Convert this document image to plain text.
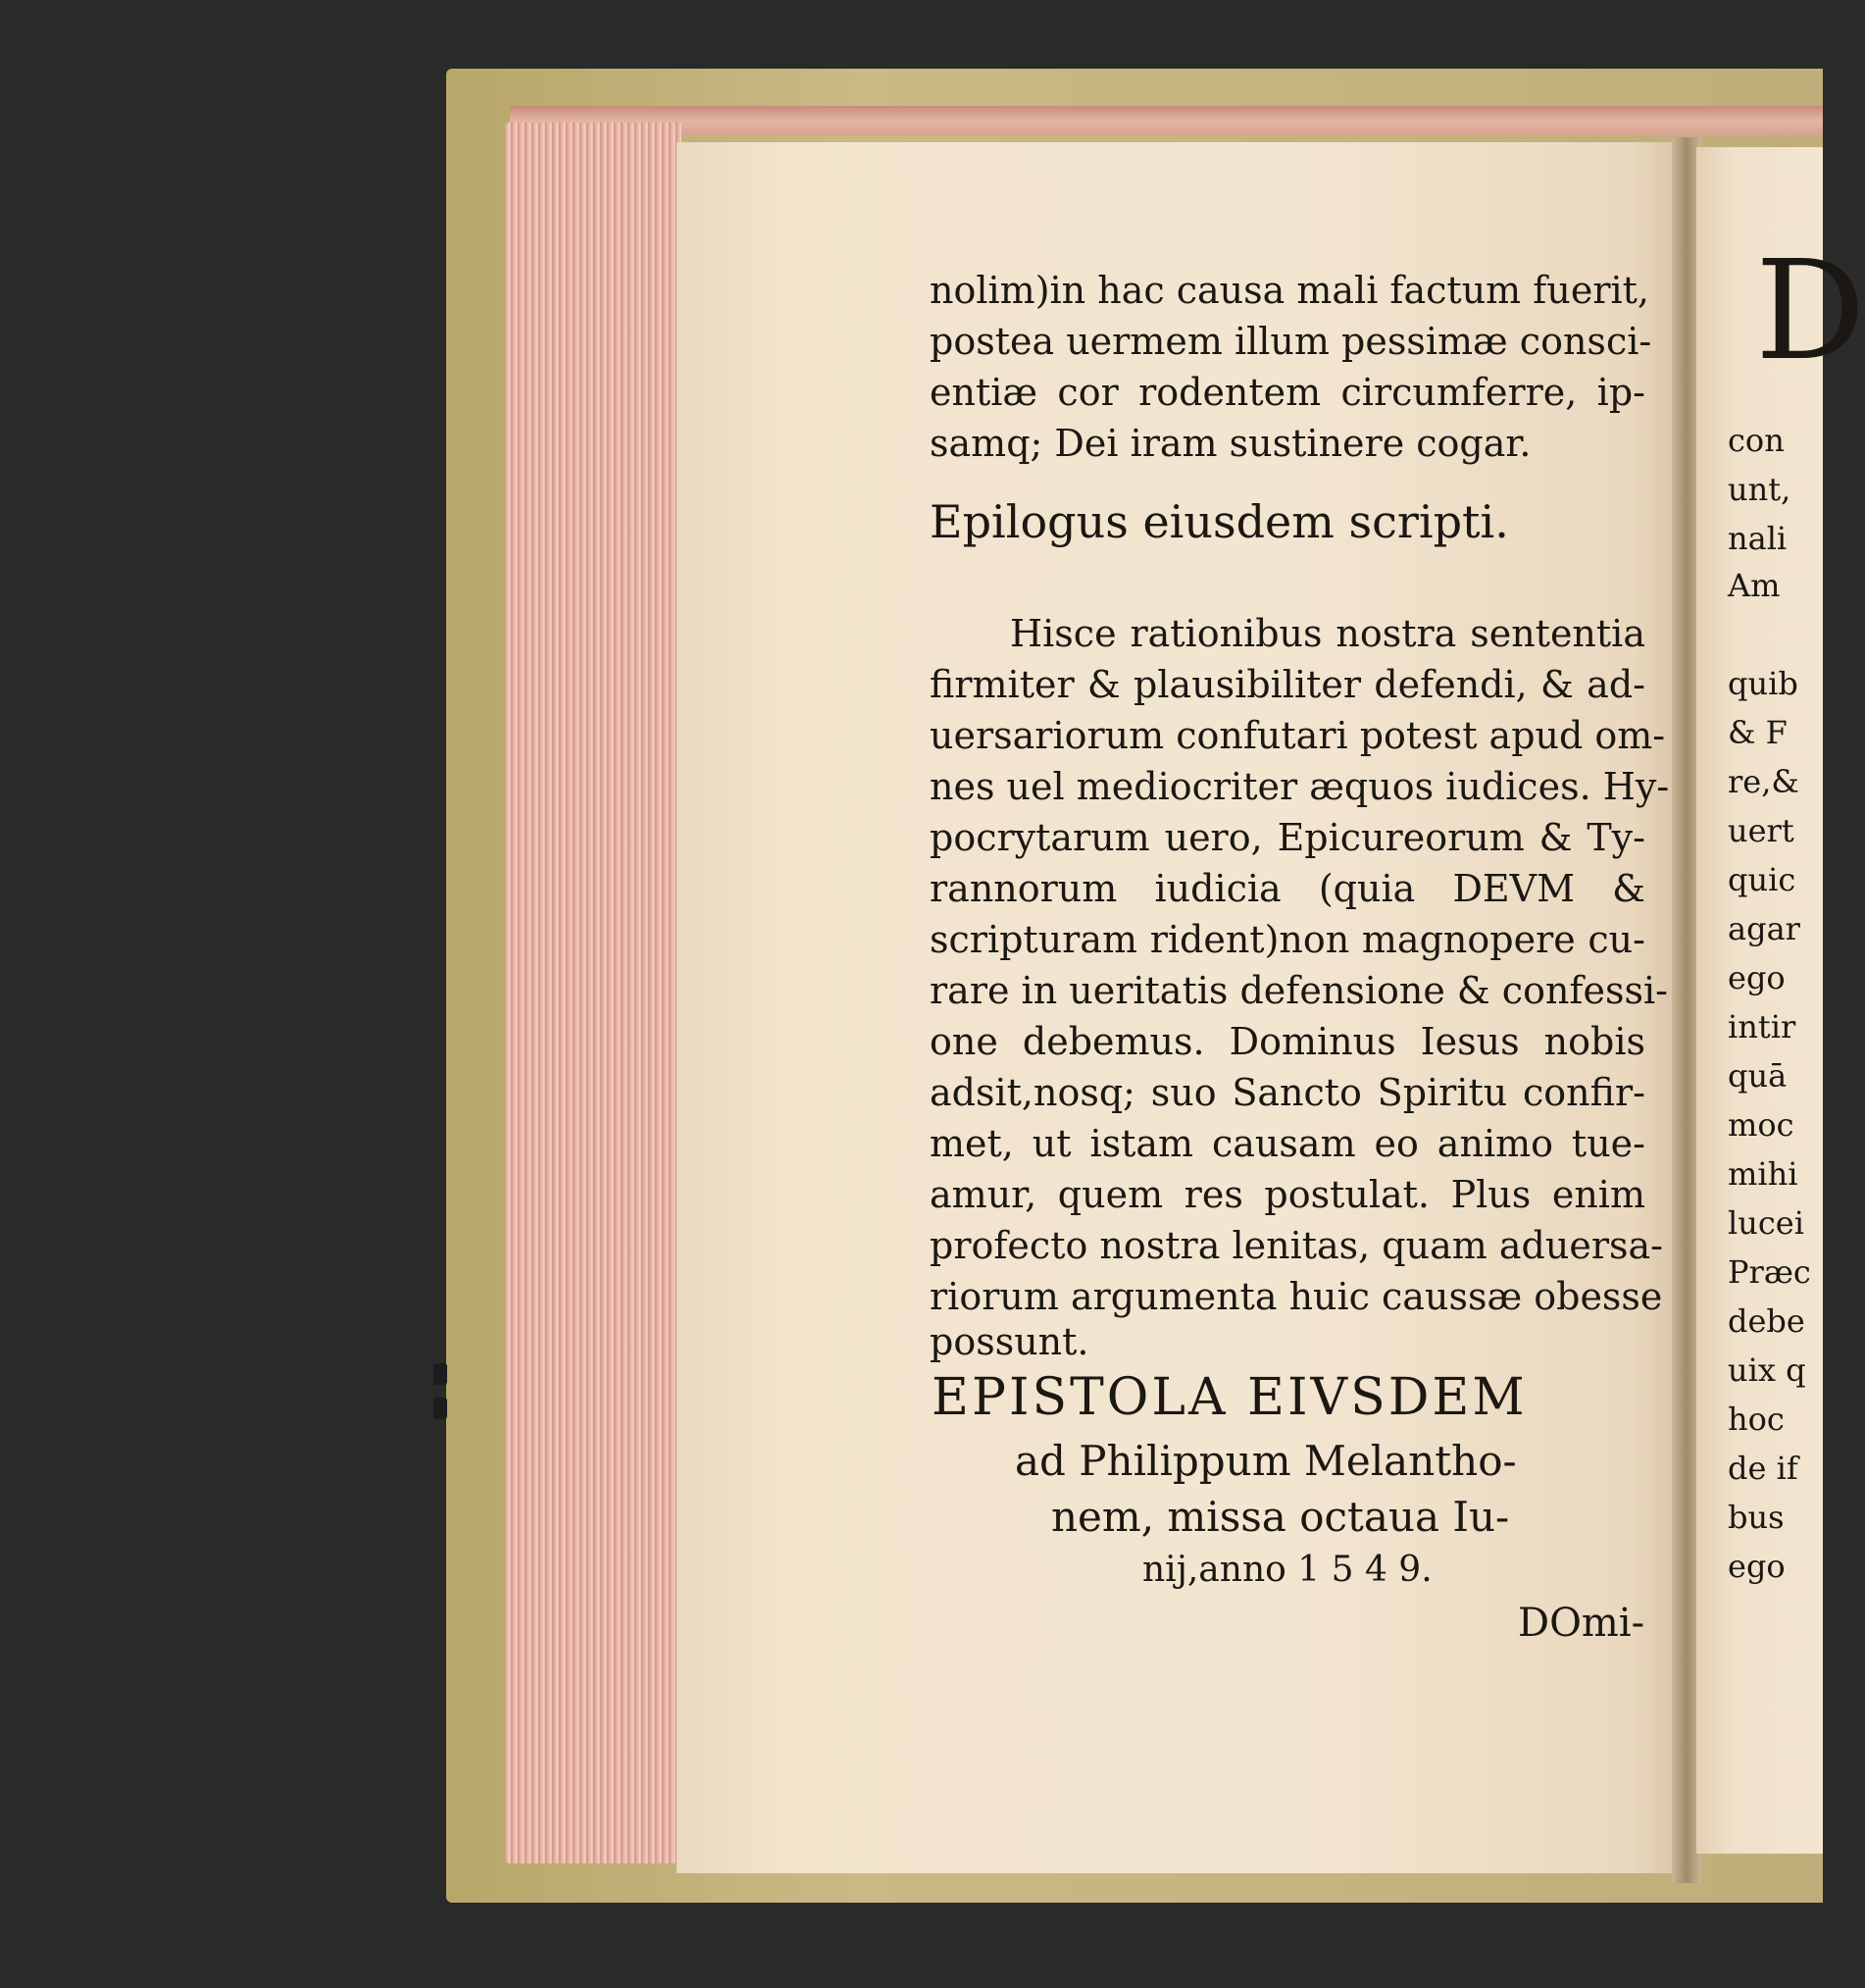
nolim)in hac causa mali factum fuerit,
postea uermem illum pessimæ consci-
entiæ cor rodentem circumferre, ip-
samq; Dei iram sustinere cogar.
Epilogus eiusdem scripti.
Hisce rationibus nostra sententia
firmiter & plausibiliter defendi, & ad-
uersariorum confutari potest apud om-
nes uel mediocriter æquos iudices. Hy-
pocrytarum uero, Epicureorum & Ty-
rannorum iudicia (quia DEVM &
scripturam rident)non magnopere cu-
rare in ueritatis defensione & confessi-
one debemus. Dominus Iesus nobis
adsit,nosq; suo Sancto Spiritu confir-
met, ut istam causam eo animo tue-
amur, quem res postulat. Plus enim
profecto nostra lenitas, quam aduersa-
riorum argumenta huic caussæ obesse
possunt.
EPISTOLA EIVSDEM
ad Philippum Melantho-
nem, missa octaua Iu-
nij,anno 1 5 4 9.
DOmi-
D
con
unt,
nali
Am
quib
& F
re,&
uert
quic
agar
ego
intir
quā
moc
mihi
lucei
Præc
debe
uix q
hoc
de if
bus
ego
